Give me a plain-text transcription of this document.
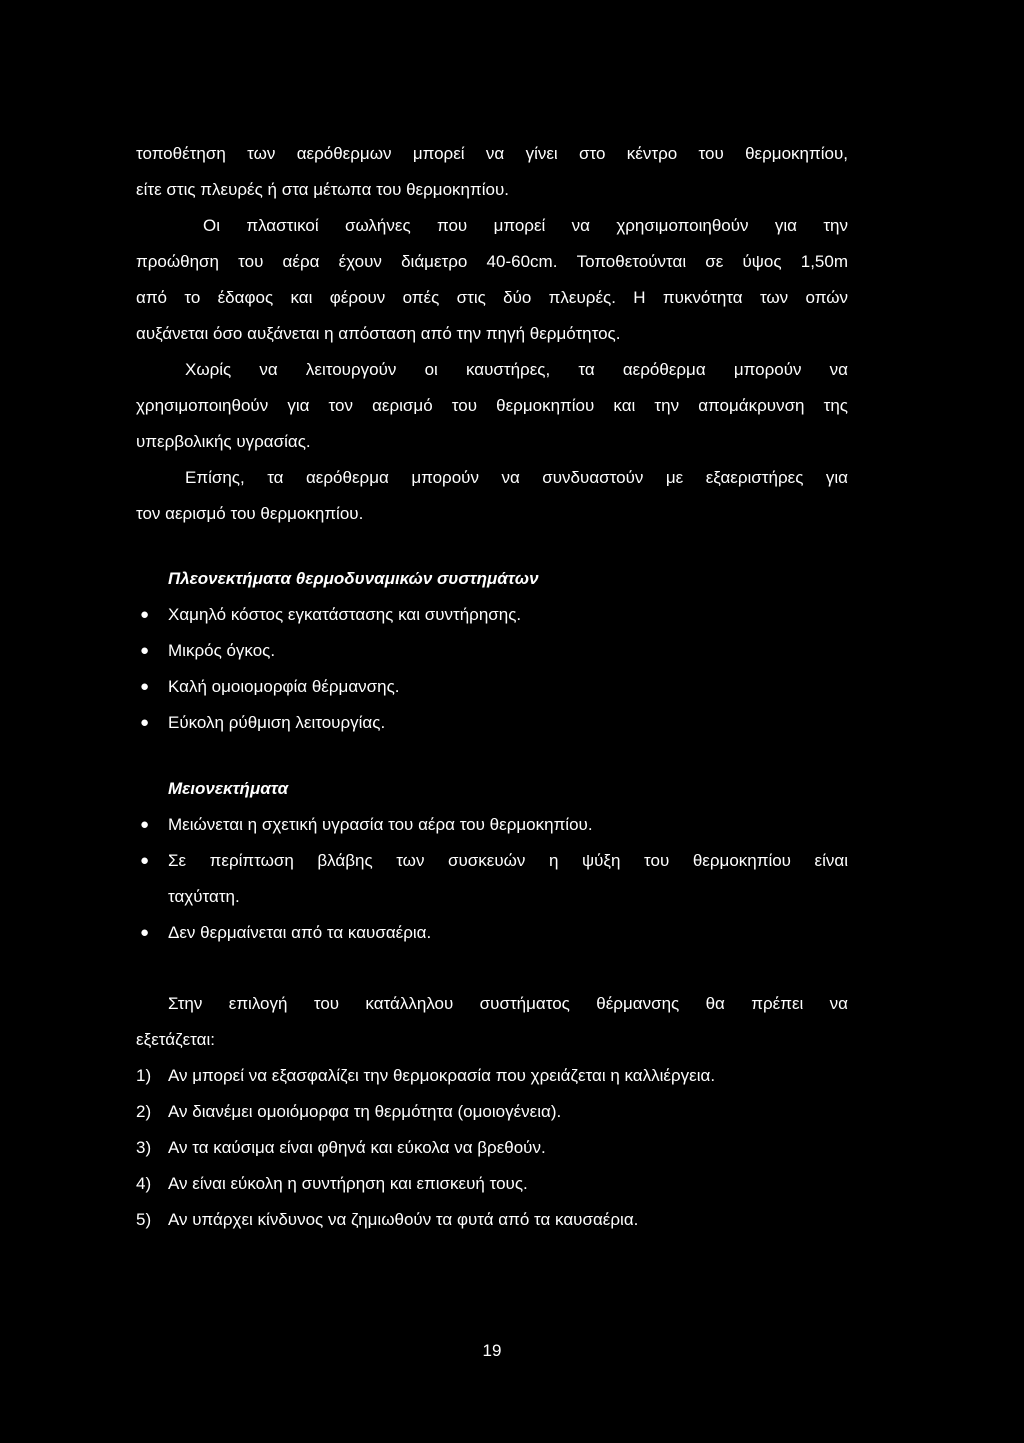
τοποθέτηση των αερόθερμων μπορεί να γίνει στο κέντρο του θερμοκηπίου,
είτε στις πλευρές ή στα μέτωπα του θερμοκηπίου.
Οι πλαστικοί σωλήνες που μπορεί να χρησιμοποιηθούν για την
προώθηση του αέρα έχουν διάμετρο 40-60cm. Τοποθετούνται σε ύψος 1,50m
από το έδαφος και φέρουν οπές στις δύο πλευρές. Η πυκνότητα των οπών
αυξάνεται όσο αυξάνεται η απόσταση από την πηγή θερμότητος.
Χωρίς να λειτουργούν οι καυστήρες, τα αερόθερμα μπορούν να
χρησιμοποιηθούν για τον αερισμό του θερμοκηπίου και την απομάκρυνση της
υπερβολικής υγρασίας.
Επίσης, τα αερόθερμα μπορούν να συνδυαστούν με εξαεριστήρες για
τον αερισμό του θερμοκηπίου.
Πλεονεκτήματα θερμοδυναμικών συστημάτων
●	Χαμηλό κόστος εγκατάστασης και συντήρησης.
●	Μικρός όγκος.
●	Καλή ομοιομορφία θέρμανσης.
●	Εύκολη ρύθμιση λειτουργίας.
Μειονεκτήματα
●	Μειώνεται η σχετική υγρασία του αέρα του θερμοκηπίου.
●	Σε περίπτωση βλάβης των συσκευών η ψύξη του θερμοκηπίου είναι
ταχύτατη.
●	Δεν θερμαίνεται από τα καυσαέρια.
Στην επιλογή του κατάλληλου συστήματος θέρμανσης θα πρέπει να
εξετάζεται:
1) Αν μπορεί να εξασφαλίζει την θερμοκρασία που χρειάζεται η καλλιέργεια.
2) Αν διανέμει ομοιόμορφα τη θερμότητα (ομοιογένεια).
3) Αν τα καύσιμα είναι φθηνά και εύκολα να βρεθούν.
4) Αν είναι εύκολη η συντήρηση και επισκευή τους.
5) Αν υπάρχει κίνδυνος να ζημιωθούν τα φυτά από τα καυσαέρια.
19
